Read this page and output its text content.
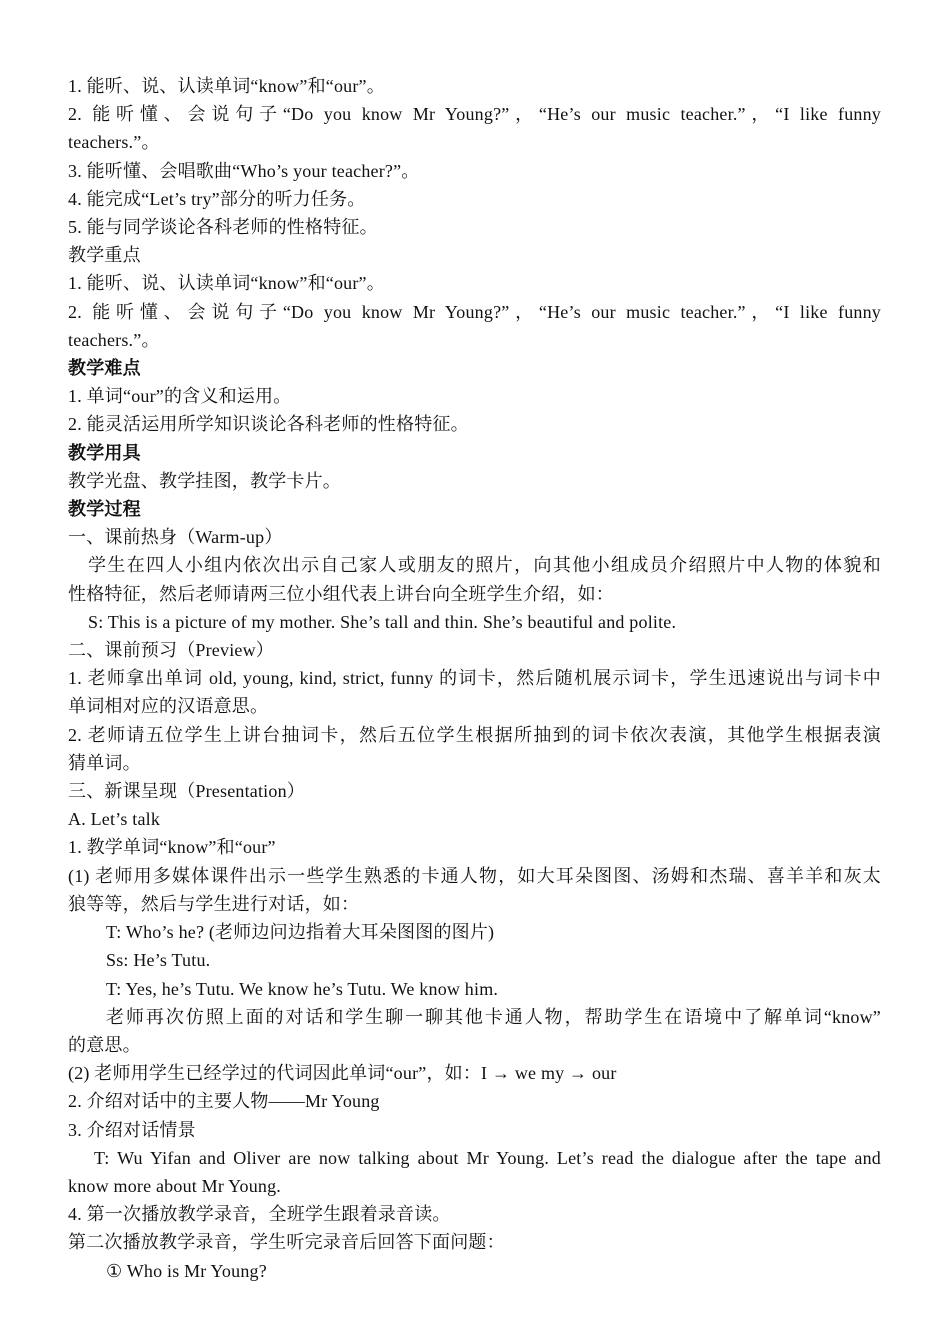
1. 能听、说、认读单词“know”和“our”。
2. 能听懂、会说句子“Do you know Mr Young?”，“He’s our music teacher.”，“I like funny
teachers.”。
3. 能听懂、会唱歌曲“Who’s your teacher?”。
4. 能完成“Let’s try”部分的听力任务。
5. 能与同学谈论各科老师的性格特征。
教学重点
1. 能听、说、认读单词“know”和“our”。
2. 能听懂、会说句子“Do you know Mr Young?”，“He’s our music teacher.”，“I like funny
teachers.”。
教学难点
1. 单词“our”的含义和运用。
2. 能灵活运用所学知识谈论各科老师的性格特征。
教学用具
教学光盘、教学挂图，教学卡片。
教学过程
一、课前热身（Warm-up）
学生在四人小组内依次出示自己家人或朋友的照片，向其他小组成员介绍照片中人物的体貌和
性格特征，然后老师请两三位小组代表上讲台向全班学生介绍，如：
S: This is a picture of my mother. She’s tall and thin. She’s beautiful and polite.
二、课前预习（Preview）
1. 老师拿出单词 old, young, kind, strict, funny 的词卡，然后随机展示词卡，学生迅速说出与词卡中
单词相对应的汉语意思。
2. 老师请五位学生上讲台抽词卡，然后五位学生根据所抽到的词卡依次表演，其他学生根据表演
猜单词。
三、新课呈现（Presentation）
A. Let’s talk
1. 教学单词“know”和“our”
(1) 老师用多媒体课件出示一些学生熟悉的卡通人物，如大耳朵图图、汤姆和杰瑞、喜羊羊和灰太
狼等等，然后与学生进行对话，如：
T: Who’s he? (老师边问边指着大耳朵图图的图片)
Ss: He’s Tutu.
T: Yes, he’s Tutu. We know he’s Tutu. We know him.
老师再次仿照上面的对话和学生聊一聊其他卡通人物，帮助学生在语境中了解单词“know”
的意思。
(2) 老师用学生已经学过的代词因此单词“our”，如：I → we my → our
2. 介绍对话中的主要人物——Mr Young
3. 介绍对话情景
T: Wu Yifan and Oliver are now talking about Mr Young. Let’s read the dialogue after the tape and
know more about Mr Young.
4. 第一次播放教学录音，全班学生跟着录音读。
第二次播放教学录音，学生听完录音后回答下面问题：
① Who is Mr Young?
